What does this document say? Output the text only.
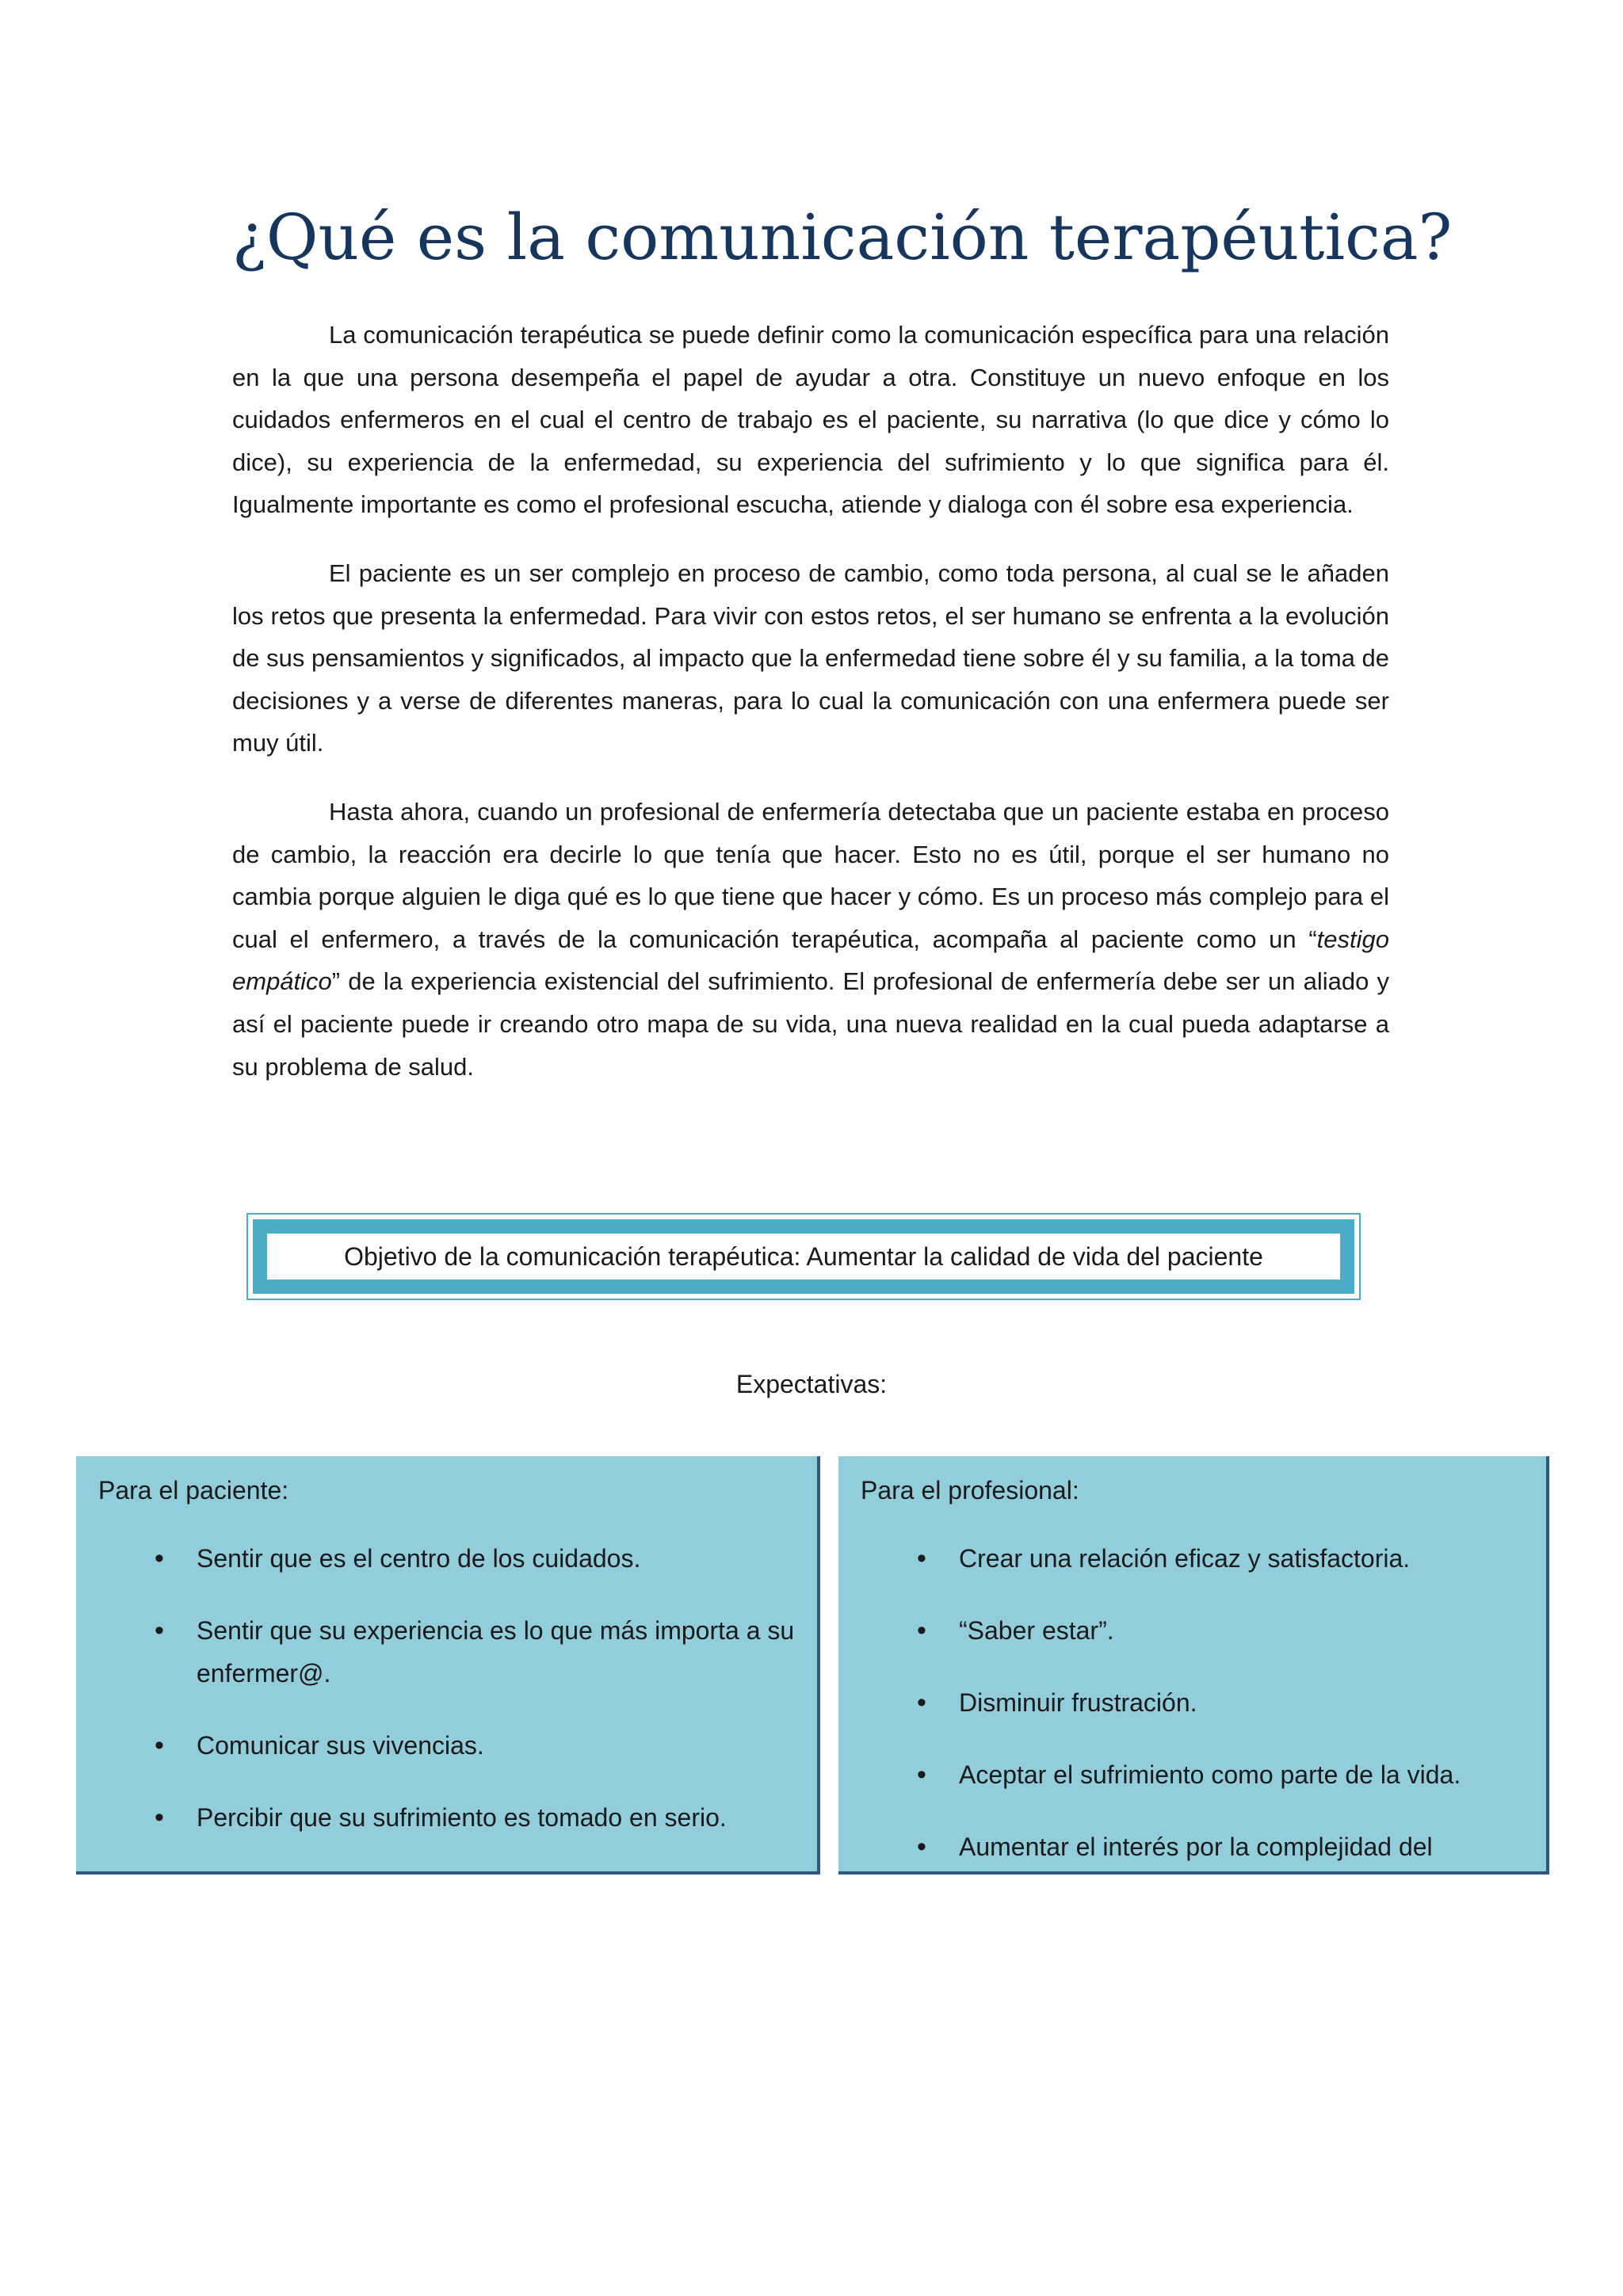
¿Qué es la comunicación terapéutica?

La comunicación terapéutica se puede definir como la comunicación específica para una relación en la que una persona desempeña el papel de ayudar a otra. Constituye un nuevo enfoque en los cuidados enfermeros en el cual el centro de trabajo es el paciente, su narrativa (lo que dice y cómo lo dice), su experiencia de la enfermedad, su experiencia del sufrimiento y lo que significa para él. Igualmente importante es como el profesional escucha, atiende y dialoga con él sobre esa experiencia.

El paciente es un ser complejo en proceso de cambio, como toda persona, al cual se le añaden los retos que presenta la enfermedad. Para vivir con estos retos, el ser humano se enfrenta a la evolución de sus pensamientos y significados, al impacto que la enfermedad tiene sobre él y su familia, a la toma de decisiones y a verse de diferentes maneras, para lo cual la comunicación con una enfermera puede ser muy útil.

Hasta ahora, cuando un profesional de enfermería detectaba que un paciente estaba en proceso de cambio, la reacción era decirle lo que tenía que hacer. Esto no es útil, porque el ser humano no cambia porque alguien le diga qué es lo que tiene que hacer y cómo. Es un proceso más complejo para el cual el enfermero, a través de la comunicación terapéutica, acompaña al paciente como un “testigo empático” de la experiencia existencial del sufrimiento. El profesional de enfermería debe ser un aliado y así el paciente puede ir creando otro mapa de su vida, una nueva realidad en la cual pueda adaptarse a su problema de salud.

Objetivo de la comunicación terapéutica: Aumentar la calidad de vida del paciente
Expectativas:
Para el paciente:
• Sentir que es el centro de los cuidados.
• Sentir que su experiencia es lo que más importa a su enfermer@.
• Comunicar sus vivencias.
• Percibir que su sufrimiento es tomado en serio.
Para el profesional:
• Crear una relación eficaz y satisfactoria.
• “Saber estar”.
• Disminuir frustración.
• Aceptar el sufrimiento como parte de la vida.
• Aumentar el interés por la complejidad del
